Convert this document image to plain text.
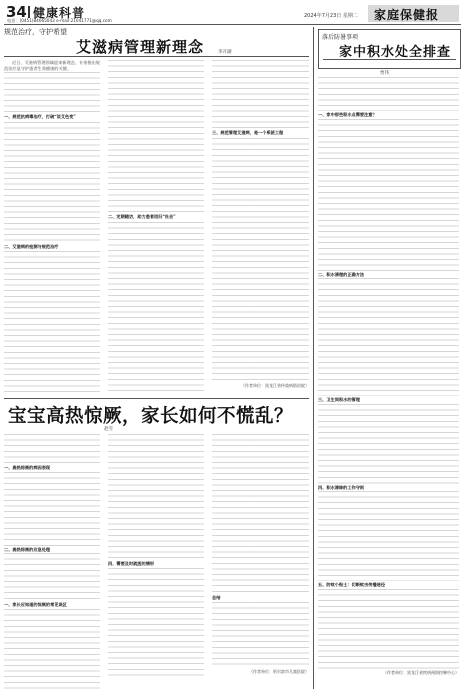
34 健康科普
电话：(0451)84665043 e-mail:21041771@qq.com
2024年7月23日 星期二 家庭保健报
规范治疗，守护希望
艾滋病管理新理念	李开湖

近日，艾滋病管理领域迎来新理念，专家指出规范治疗是守护患者生命健康的关键。

一、规范抗病毒治疗，打破“谈艾色变”

二、艾滋病的检测与规范治疗

二、定期随访，助力患者回归“社会”

三、规范管理艾滋病，是一个系统工程

（作者单位：黑龙江省传染病防治院）

落后防暑事项
家中积水处全排查
贾伟

一、家中那些积水点需要注意？

二、积水清理的正确方法

三、卫生间积水的管理

四、积水清除的工作守则

五、防蚊小贴士：切断蚊虫传播途径

（作者单位：黑龙江省疾病预防控制中心）

宝宝高热惊厥，家长如何不慌乱？
赵雪

一、高热惊厥的病因表现

二、高热惊厥的应急处理

一、家长应知道的惊厥的常见误区

四、需要及时就医的情形

总结

（作者单位：哈尔滨市儿童医院）
